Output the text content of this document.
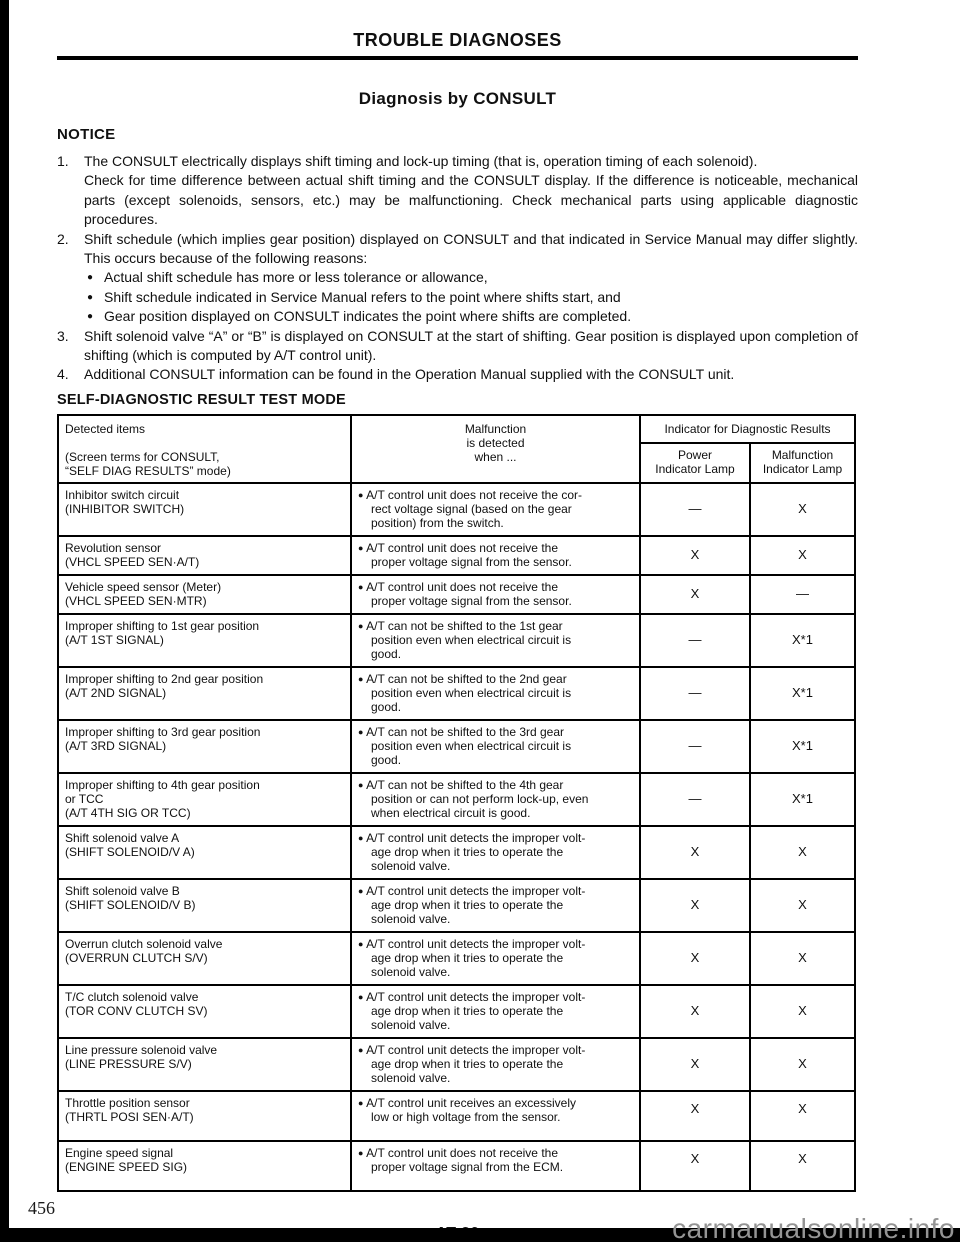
TROUBLE DIAGNOSES
Diagnosis by CONSULT
NOTICE
1.	The CONSULT electrically displays shift timing and lock-up timing (that is, operation timing of each solenoid).
Check for time difference between actual shift timing and the CONSULT display. If the difference is noticeable, mechanical parts (except solenoids, sensors, etc.) may be malfunctioning. Check mechanical parts using applicable diagnostic procedures.
2.	Shift schedule (which implies gear position) displayed on CONSULT and that indicated in Service Manual may differ slightly. This occurs because of the following reasons:
● Actual shift schedule has more or less tolerance or allowance,
● Shift schedule indicated in Service Manual refers to the point where shifts start, and
● Gear position displayed on CONSULT indicates the point where shifts are completed.
3.	Shift solenoid valve “A” or “B” is displayed on CONSULT at the start of shifting. Gear position is displayed upon completion of shifting (which is computed by A/T control unit).
4.	Additional CONSULT information can be found in the Operation Manual supplied with the CONSULT unit.
SELF-DIAGNOSTIC RESULT TEST MODE
Detected items
(Screen terms for CONSULT,
“SELF DIAG RESULTS” mode)

Malfunction
is detected
when ...
	Indicator for Diagnostic Results

Power
Indicator Lamp

Malfunction
Indicator Lamp

Inhibitor switch circuit
(INHIBITOR SWITCH)

● A/T control unit does not receive the cor-
rect voltage signal (based on the gear
position) from the switch.
	—	X

Revolution sensor
(VHCL SPEED SEN·A/T)

● A/T control unit does not receive the
proper voltage signal from the sensor.	X	X

Vehicle speed sensor (Meter)
(VHCL SPEED SEN·MTR)

● A/T control unit does not receive the
proper voltage signal from the sensor.	X	—

Improper shifting to 1st gear position
(A/T 1ST SIGNAL)

● A/T can not be shifted to the 1st gear
position even when electrical circuit is
good.
	—	X*1

Improper shifting to 2nd gear position
(A/T 2ND SIGNAL)

● A/T can not be shifted to the 2nd gear
position even when electrical circuit is
good.
	—	X*1

Improper shifting to 3rd gear position
(A/T 3RD SIGNAL)

● A/T can not be shifted to the 3rd gear
position even when electrical circuit is
good.
	—	X*1

Improper shifting to 4th gear position
or TCC
(A/T 4TH SIG OR TCC)

● A/T can not be shifted to the 4th gear
position or can not perform lock-up, even
when electrical circuit is good.
	—	X*1

Shift solenoid valve A
(SHIFT SOLENOID/V A)

● A/T control unit detects the improper volt-
age drop when it tries to operate the
solenoid valve.
	X	X

Shift solenoid valve B
(SHIFT SOLENOID/V B)

● A/T control unit detects the improper volt-
age drop when it tries to operate the
solenoid valve.
	X	X

Overrun clutch solenoid valve
(OVERRUN CLUTCH S/V)

● A/T control unit detects the improper volt-
age drop when it tries to operate the
solenoid valve.
	X	X

T/C clutch solenoid valve
(TOR CONV CLUTCH SV)

● A/T control unit detects the improper volt-
age drop when it tries to operate the
solenoid valve.
	X	X

Line pressure solenoid valve
(LINE PRESSURE S/V)

● A/T control unit detects the improper volt-
age drop when it tries to operate the
solenoid valve.
	X	X

Throttle position sensor
(THRTL POSI SEN·A/T)

● A/T control unit receives an excessively
low or high voltage from the sensor.
	X	X

Engine speed signal
(ENGINE SPEED SIG)

● A/T control unit does not receive the
proper voltage signal from the ECM.
	X	X
456
carmanualsonline.info
